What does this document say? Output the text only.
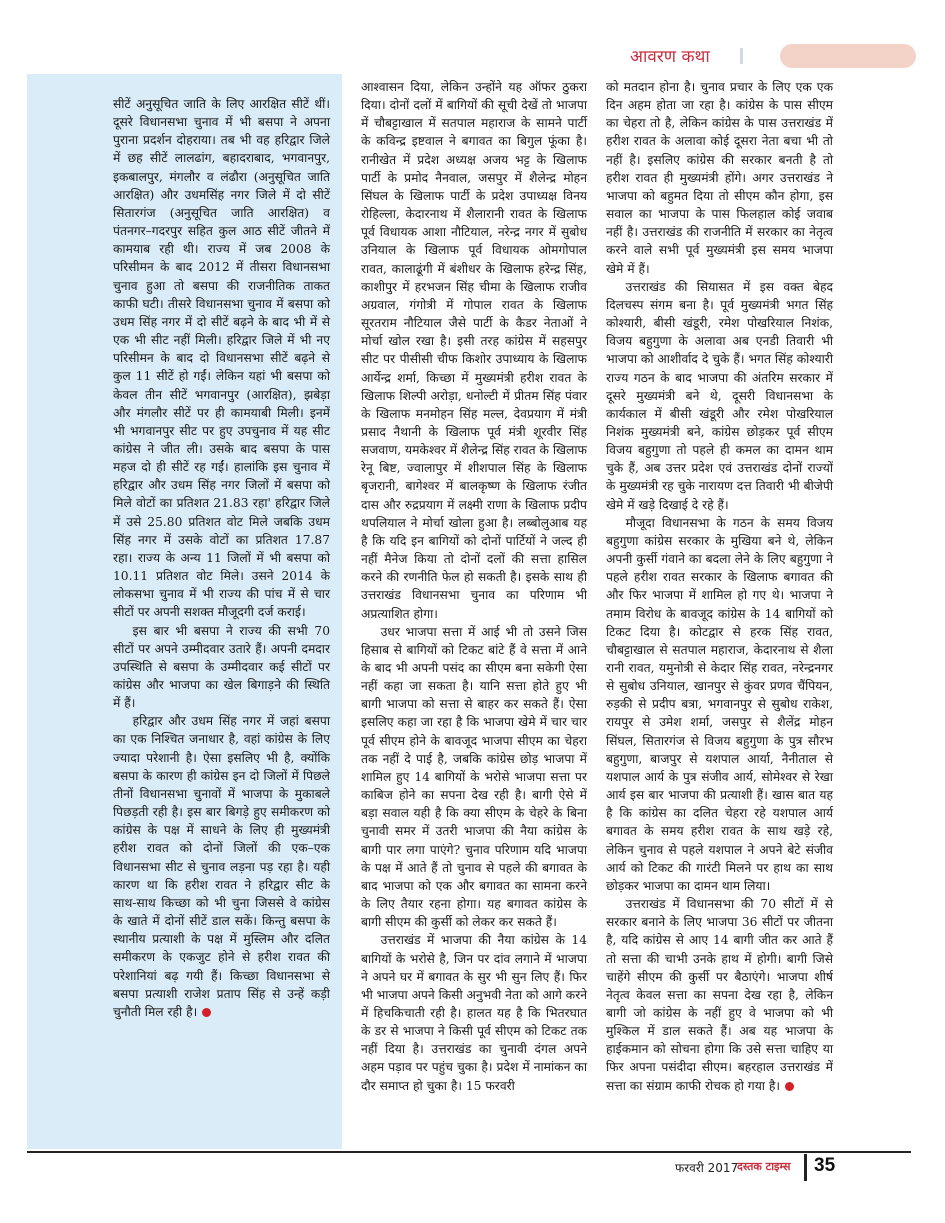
आवरण कथा

सीटें अनुसूचित जाति के लिए आरक्षित सीटें थीं। दूसरे विधानसभा चुनाव में भी बसपा ने अपना पुराना प्रदर्शन दोहराया। तब भी वह हरिद्वार जिले में छह सीटें लालढांग, बहादराबाद, भगवानपुर, इकबालपुर, मंगलौर व लंढौरा (अनुसूचित जाति आरक्षित) और उधमसिंह नगर जिले में दो सीटें सितारगंज (अनुसूचित जाति आरक्षित) व पंतनगर–गदरपुर सहित कुल आठ सीटें जीतने में कामयाब रही थी। राज्य में जब 2008 के परिसीमन के बाद 2012 में तीसरा विधानसभा चुनाव हुआ तो बसपा की राजनीतिक ताकत काफी घटी। तीसरे विधानसभा चुनाव में बसपा को उधम सिंह नगर में दो सीटें बढ़ने के बाद भी में से एक भी सीट नहीं मिली। हरिद्वार जिले में भी नए परिसीमन के बाद दो विधानसभा सीटें बढ़ने से कुल 11 सीटें हो गईं। लेकिन यहां भी बसपा को केवल तीन सीटें भगवानपुर (आरक्षित), झबेड़ा और मंगलौर सीटें पर ही कामयाबी मिली। इनमें भी भगवानपुर सीट पर हुए उपचुनाव में यह सीट कांग्रेस ने जीत ली। उसके बाद बसपा के पास महज दो ही सीटें रह गईं। हालांकि इस चुनाव में हरिद्वार और उधम सिंह नगर जिलों में बसपा को मिले वोटों का प्रतिशत 21.83 रहा' हरिद्वार जिले में उसे 25.80 प्रतिशत वोट मिले जबकि उधम सिंह नगर में उसके वोटों का प्रतिशत 17.87 रहा। राज्य के अन्य 11 जिलों में भी बसपा को 10.11 प्रतिशत वोट मिले। उसने 2014 के लोकसभा चुनाव में भी राज्य की पांच में से चार सीटों पर अपनी सशक्त मौजूदगी दर्ज कराई।

इस बार भी बसपा ने राज्य की सभी 70 सीटों पर अपने उम्मीदवार उतारे हैं। अपनी दमदार उपस्थिति से बसपा के उम्मीदवार कई सीटों पर कांग्रेस और भाजपा का खेल बिगाड़ने की स्थिति में हैं।

हरिद्वार और उधम सिंह नगर में जहां बसपा का एक निश्चित जनाधार है, वहां कांग्रेस के लिए ज्यादा परेशानी है। ऐसा इसलिए भी है, क्योंकि बसपा के कारण ही कांग्रेस इन दो जिलों में पिछले तीनों विधानसभा चुनावों में भाजपा के मुकाबले पिछड़ती रही है। इस बार बिगड़े हुए समीकरण को कांग्रेस के पक्ष में साधने के लिए ही मुख्यमंत्री हरीश रावत को दोनों जिलों की एक–एक विधानसभा सीट से चुनाव लड़ना पड़ रहा है। यही कारण था कि हरीश रावत ने हरिद्वार सीट के साथ-साथ किच्छा को भी चुना जिससे वे कांग्रेस के खाते में दोनों सीटें डाल सकें। किन्तु बसपा के स्थानीय प्रत्याशी के पक्ष में मुस्लिम और दलित समीकरण के एकजुट होने से हरीश रावत की परेशानियां बढ़ गयी हैं। किच्छा विधानसभा से बसपा प्रत्याशी राजेश प्रताप सिंह से उन्हें कड़ी चुनौती मिल रही है।

आश्वासन दिया, लेकिन उन्होंने यह ऑफर ठुकरा दिया। दोनों दलों में बागियों की सूची देखें तो भाजपा में चौबट्टाखाल में सतपाल महाराज के सामने पार्टी के कविन्द्र इष्टवाल ने बगावत का बिगुल फूंका है। रानीखेत में प्रदेश अध्यक्ष अजय भट्ट के खिलाफ पार्टी के प्रमोद नैनवाल, जसपुर में शैलेन्द्र मोहन सिंघल के खिलाफ पार्टी के प्रदेश उपाध्यक्ष विनय रोहिल्ला, केदारनाथ में शैलारानी रावत के खिलाफ पूर्व विधायक आशा नौटियाल, नरेन्द्र नगर में सुबोध उनियाल के खिलाफ पूर्व विधायक ओमगोपाल रावत, कालाढूंगी में बंशीधर के खिलाफ हरेन्द्र सिंह, काशीपुर में हरभजन सिंह चीमा के खिलाफ राजीव अग्रवाल, गंगोत्री में गोपाल रावत के खिलाफ सूरतराम नौटियाल जैसे पार्टी के कैडर नेताओं ने मोर्चा खोल रखा है। इसी तरह कांग्रेस में सहसपुर सीट पर पीसीसी चीफ किशोर उपाध्याय के खिलाफ आर्येन्द्र शर्मा, किच्छा में मुख्यमंत्री हरीश रावत के खिलाफ शिल्पी अरोड़ा, धनोल्टी में प्रीतम सिंह पंवार के खिलाफ मनमोहन सिंह मल्ल, देवप्रयाग में मंत्री प्रसाद नैथानी के खिलाफ पूर्व मंत्री शूरवीर सिंह सजवाण, यमकेश्वर में शैलेन्द्र सिंह रावत के खिलाफ रेनू बिष्ट, ज्वालापुर में शीशपाल सिंह के खिलाफ बृजरानी, बागेश्वर में बालकृष्ण के खिलाफ रंजीत दास और रुद्रप्रयाग में लक्ष्मी राणा के खिलाफ प्रदीप थपलियाल ने मोर्चा खोला हुआ है। लब्बोलुआब यह है कि यदि इन बागियों को दोनों पार्टियों ने जल्द ही नहीं मैनेज किया तो दोनों दलों की सत्ता हासिल करने की रणनीति फेल हो सकती है। इसके साथ ही उत्तराखंड विधानसभा चुनाव का परिणाम भी अप्रत्याशित होगा।

उधर भाजपा सत्ता में आई भी तो उसने जिस हिसाब से बागियों को टिकट बांटे हैं वे सत्ता में आने के बाद भी अपनी पसंद का सीएम बना सकेगी ऐसा नहीं कहा जा सकता है। यानि सत्ता होते हुए भी बागी भाजपा को सत्ता से बाहर कर सकते हैं। ऐसा इसलिए कहा जा रहा है कि भाजपा खेमे में चार चार पूर्व सीएम होने के बावजूद भाजपा सीएम का चेहरा तक नहीं दे पाई है, जबकि कांग्रेस छोड़ भाजपा में शामिल हुए 14 बागियों के भरोसे भाजपा सत्ता पर काबिज होने का सपना देख रही है। बागी ऐसे में बड़ा सवाल यही है कि क्या सीएम के चेहरे के बिना चुनावी समर में उतरी भाजपा की नैया कांग्रेस के बागी पार लगा पाएंगे? चुनाव परिणाम यदि भाजपा के पक्ष में आते हैं तो चुनाव से पहले की बगावत के बाद भाजपा को एक और बगावत का सामना करने के लिए तैयार रहना होगा। यह बगावत कांग्रेस के बागी सीएम की कुर्सी को लेकर कर सकते हैं।

उत्तराखंड में भाजपा की नैया कांग्रेस के 14 बागियों के भरोसे है, जिन पर दांव लगाने में भाजपा ने अपने घर में बगावत के सुर भी सुन लिए हैं। फिर भी भाजपा अपने किसी अनुभवी नेता को आगे करने में हिचकिचाती रही है। हालत यह है कि भितरघात के डर से भाजपा ने किसी पूर्व सीएम को टिकट तक नहीं दिया है। उत्तराखंड का चुनावी दंगल अपने अहम पड़ाव पर पहुंच चुका है। प्रदेश में नामांकन का दौर समाप्त हो चुका है। 15 फरवरी

को मतदान होना है। चुनाव प्रचार के लिए एक एक दिन अहम होता जा रहा है। कांग्रेस के पास सीएम का चेहरा तो है, लेकिन कांग्रेस के पास उत्तराखंड में हरीश रावत के अलावा कोई दूसरा नेता बचा भी तो नहीं है। इसलिए कांग्रेस की सरकार बनती है तो हरीश रावत ही मुख्यमंत्री होंगे। अगर उत्तराखंड ने भाजपा को बहुमत दिया तो सीएम कौन होगा, इस सवाल का भाजपा के पास फिलहाल कोई जवाब नहीं है। उत्तराखंड की राजनीति में सरकार का नेतृत्व करने वाले सभी पूर्व मुख्यमंत्री इस समय भाजपा खेमे में हैं।

उत्तराखंड की सियासत में इस वक्त बेहद दिलचस्प संगम बना है। पूर्व मुख्यमंत्री भगत सिंह कोश्यारी, बीसी खंडूरी, रमेश पोखरियाल निशंक, विजय बहुगुणा के अलावा अब एनडी तिवारी भी भाजपा को आशीर्वाद दे चुके हैं। भगत सिंह कोश्यारी राज्य गठन के बाद भाजपा की अंतरिम सरकार में दूसरे मुख्यमंत्री बने थे, दूसरी विधानसभा के कार्यकाल में बीसी खंडूरी और रमेश पोखरियाल निशंक मुख्यमंत्री बने, कांग्रेस छोड़कर पूर्व सीएम विजय बहुगुणा तो पहले ही कमल का दामन थाम चुके हैं, अब उत्तर प्रदेश एवं उत्तराखंड दोनों राज्यों के मुख्यमंत्री रह चुके नारायण दत्त तिवारी भी बीजेपी खेमे में खड़े दिखाई दे रहे हैं।

मौजूदा विधानसभा के गठन के समय विजय बहुगुणा कांग्रेस सरकार के मुखिया बने थे, लेकिन अपनी कुर्सी गंवाने का बदला लेने के लिए बहुगुणा ने पहले हरीश रावत सरकार के खिलाफ बगावत की और फिर भाजपा में शामिल हो गए थे। भाजपा ने तमाम विरोध के बावजूद कांग्रेस के 14 बागियों को टिकट दिया है। कोटद्वार से हरक सिंह रावत, चौबट्टाखाल से सतपाल महाराज, केदारनाथ से शैला रानी रावत, यमुनोत्री से केदार सिंह रावत, नरेन्द्रनगर से सुबोध उनियाल, खानपुर से कुंवर प्रणव चैंपियन, रुड़की से प्रदीप बत्रा, भगवानपुर से सुबोध राकेश, रायपुर से उमेश शर्मा, जसपुर से शैलेंद्र मोहन सिंघल, सितारगंज से विजय बहुगुणा के पुत्र सौरभ बहुगुणा, बाजपुर से यशपाल आर्या, नैनीताल से यशपाल आर्य के पुत्र संजीव आर्य, सोमेश्वर से रेखा आर्य इस बार भाजपा की प्रत्याशी हैं। खास बात यह है कि कांग्रेस का दलित चेहरा रहे यशपाल आर्य बगावत के समय हरीश रावत के साथ खड़े रहे, लेकिन चुनाव से पहले यशपाल ने अपने बेटे संजीव आर्य को टिकट की गारंटी मिलने पर हाथ का साथ छोड़कर भाजपा का दामन थाम लिया।

उत्तराखंड में विधानसभा की 70 सीटों में से सरकार बनाने के लिए भाजपा 36 सीटों पर जीतना है, यदि कांग्रेस से आए 14 बागी जीत कर आते हैं तो सत्ता की चाभी उनके हाथ में होगी। बागी जिसे चाहेंगे सीएम की कुर्सी पर बैठाएंगे। भाजपा शीर्ष नेतृत्व केवल सत्ता का सपना देख रहा है, लेकिन बागी जो कांग्रेस के नहीं हुए वे भाजपा को भी मुश्किल में डाल सकते हैं। अब यह भाजपा के हाईकमान को सोचना होगा कि उसे सत्ता चाहिए या फिर अपना पसंदीदा सीएम। बहरहाल उत्तराखंड में सत्ता का संग्राम काफी रोचक हो गया है।

फरवरी 2017
दस्तक टाइम्स 35
